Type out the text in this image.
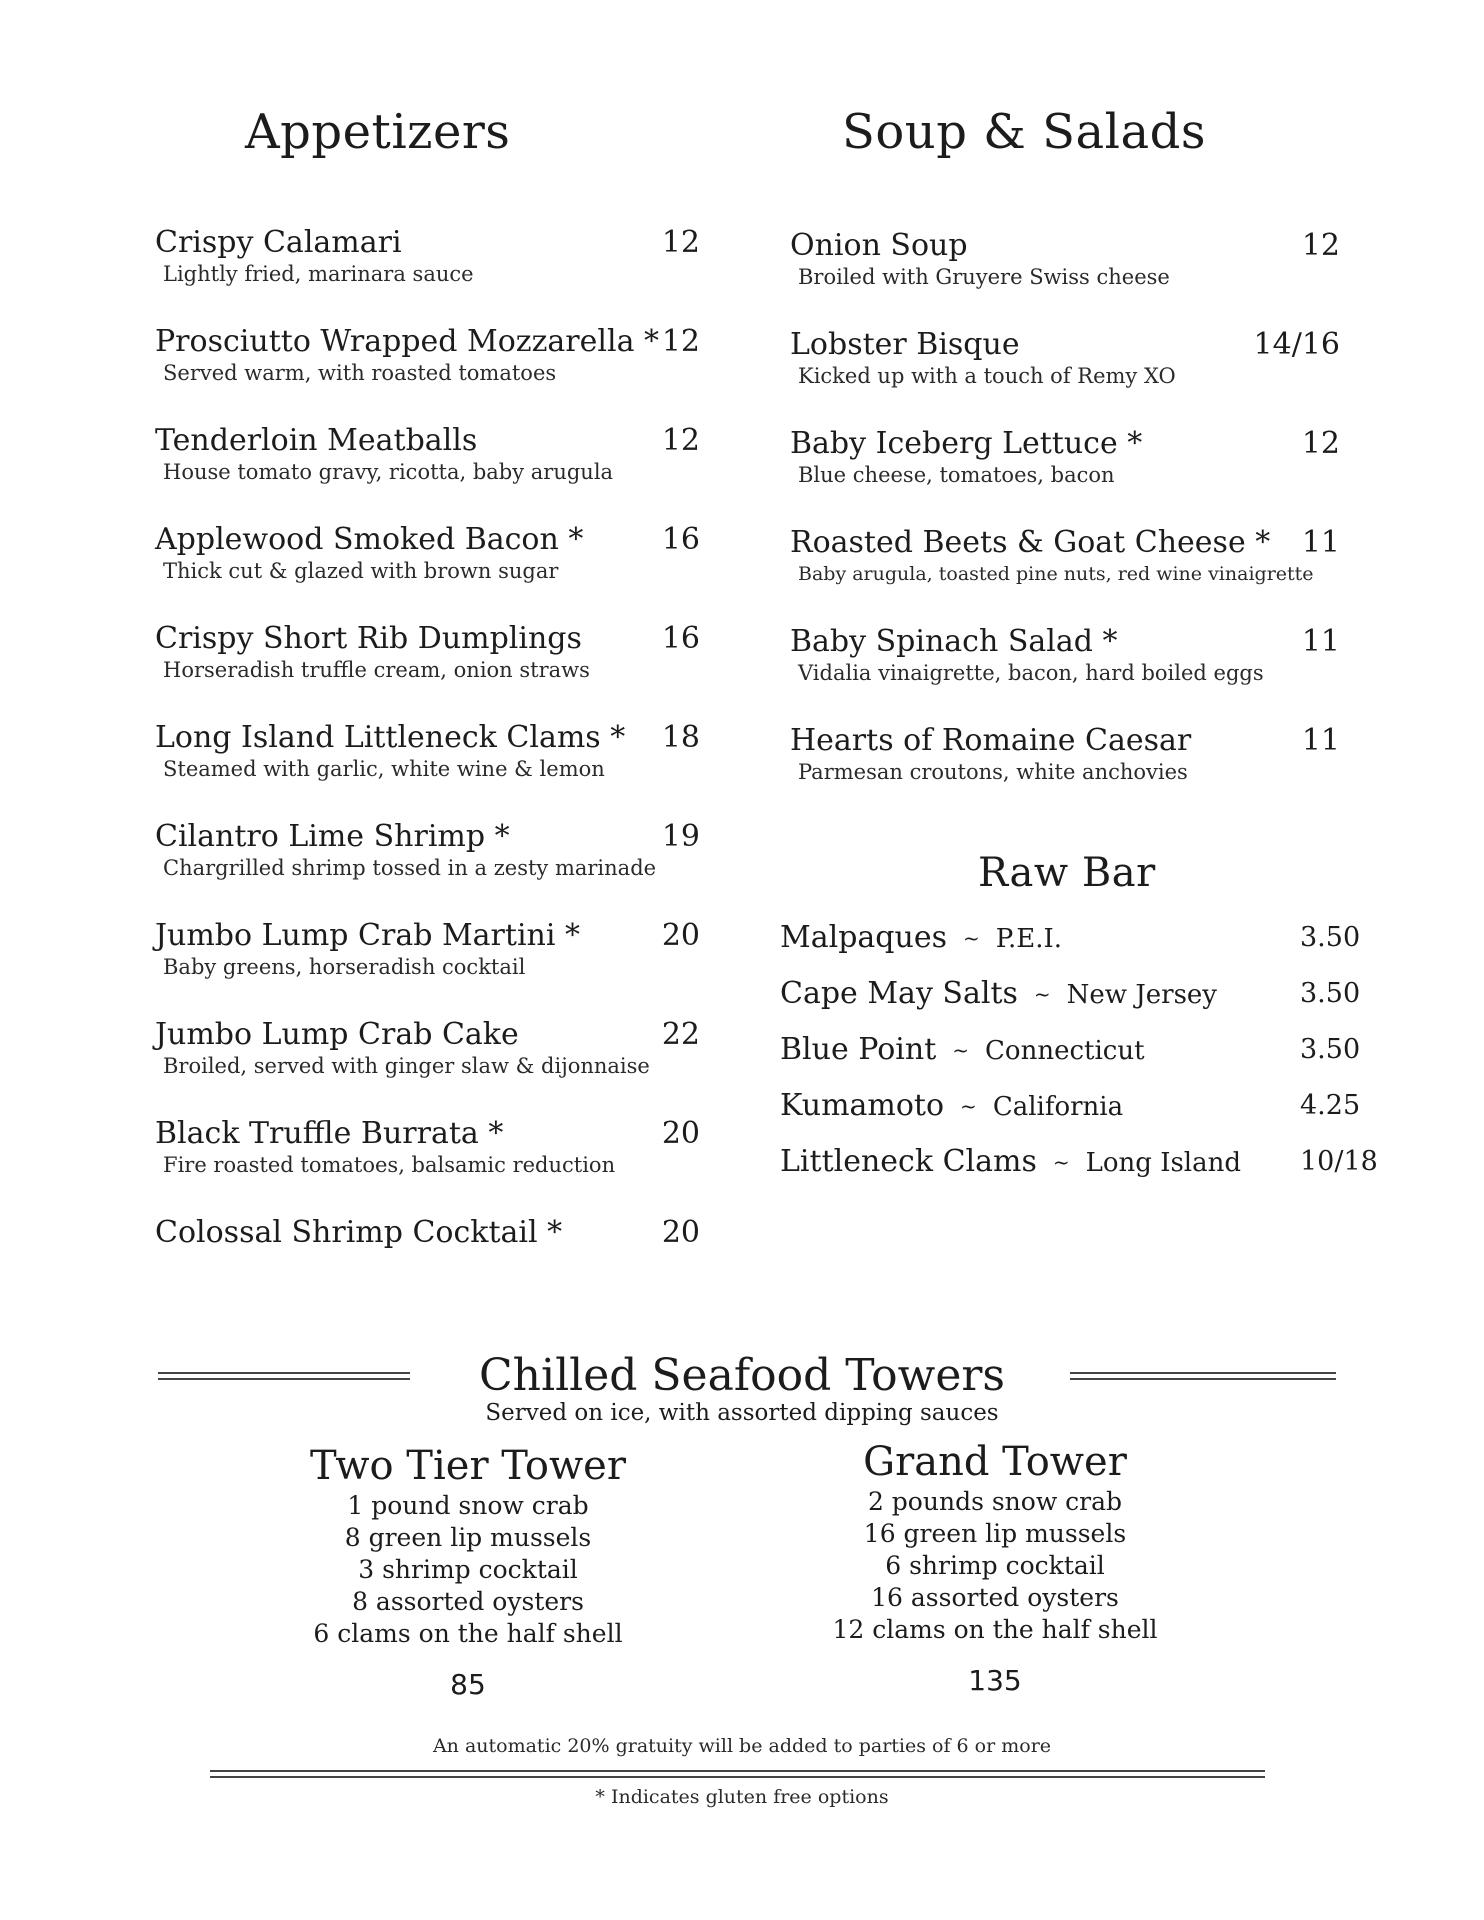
Appetizers	Soup & Salads
Crispy Calamari	12
Lightly fried, marinara sauce
Prosciutto Wrapped Mozzarella * 12
Served warm, with roasted tomatoes
Tenderloin Meatballs	12
House tomato gravy, ricotta, baby arugula
Applewood Smoked Bacon *	16
Thick cut & glazed with brown sugar
Crispy Short Rib Dumplings	16
Horseradish truffle cream, onion straws
Long Island Littleneck Clams * 18
Steamed with garlic, white wine & lemon
Cilantro Lime Shrimp *	19
Chargrilled shrimp tossed in a zesty marinade
Jumbo Lump Crab Martini *	20
Baby greens, horseradish cocktail
Jumbo Lump Crab Cake	22
Broiled, served with ginger slaw & dijonnaise
Black Truffle Burrata *	20
Fire roasted tomatoes, balsamic reduction
Colossal Shrimp Cocktail *	20
Onion Soup	12
Broiled with Gruyere Swiss cheese
Lobster Bisque	14/16
Kicked up with a touch of Remy XO
Baby Iceberg Lettuce *	12
Blue cheese, tomatoes, bacon
Roasted Beets & Goat Cheese * 11
Baby arugula, toasted pine nuts, red wine vinaigrette
Baby Spinach Salad *	11
Vidalia vinaigrette, bacon, hard boiled eggs
Hearts of Romaine Caesar	11
Parmesan croutons, white anchovies
Raw Bar
Malpaques ~ P.E.I.	3.50
Cape May Salts ~ New Jersey	3.50
Blue Point ~ Connecticut	3.50
Kumamoto ~ California	4.25
Littleneck Clams ~ Long Island 10/18
Chilled Seafood Towers
Served on ice, with assorted dipping sauces
Two Tier Tower
1 pound snow crab
8 green lip mussels
3 shrimp cocktail
8 assorted oysters
6 clams on the half shell
85
Grand Tower
2 pounds snow crab
16 green lip mussels
6 shrimp cocktail
16 assorted oysters
12 clams on the half shell
135
An automatic 20% gratuity will be added to parties of 6 or more
* Indicates gluten free options
